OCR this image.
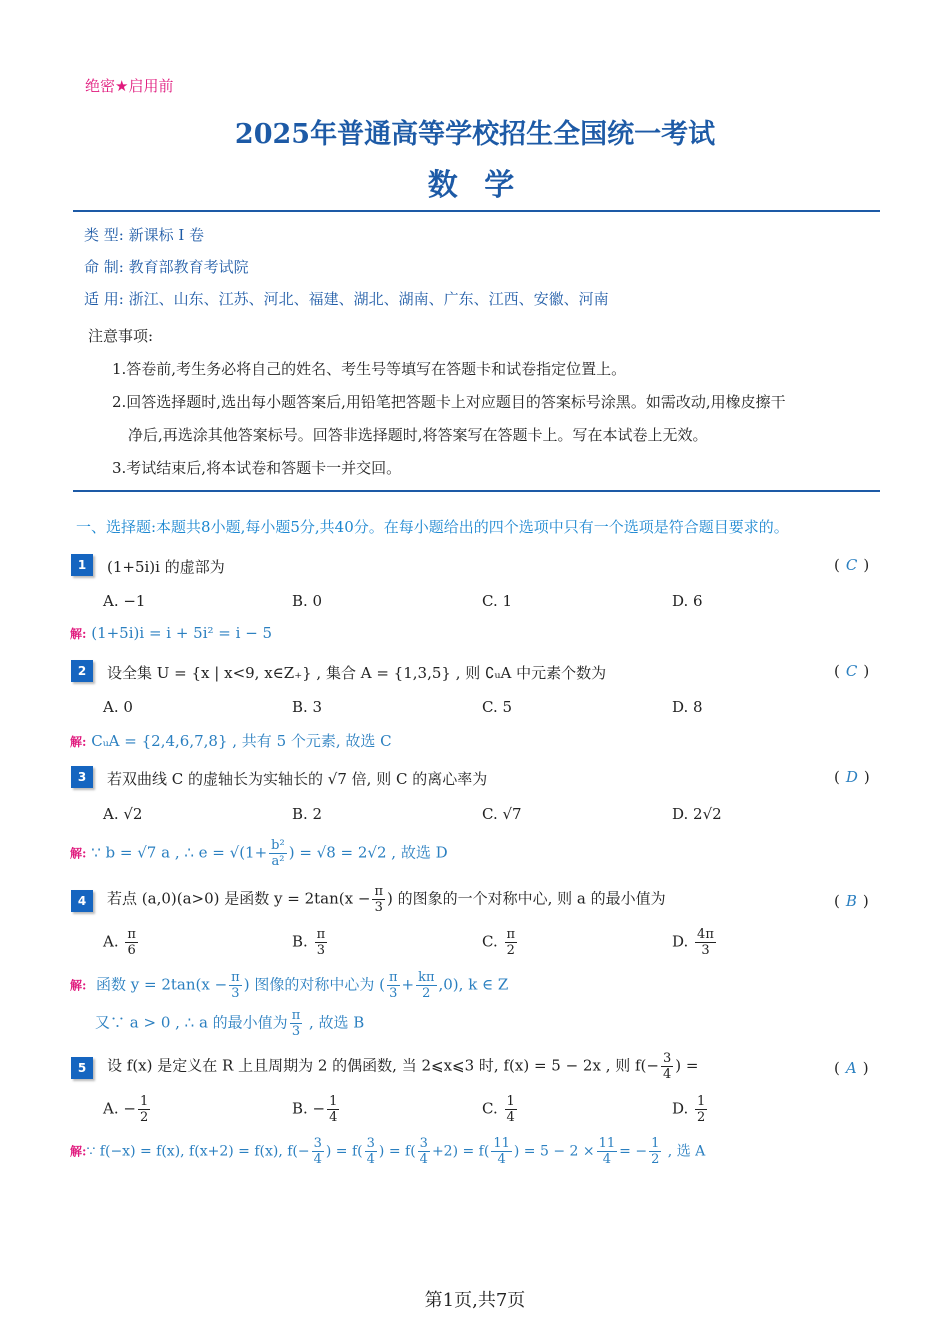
绝密★启用前
2025年普通高等学校招生全国统一考试
数 学
类 型: 新课标 I 卷
命 制: 教育部教育考试院
适 用: 浙江、山东、江苏、河北、福建、湖北、湖南、广东、江西、安徽、河南
注意事项:
1.答卷前,考生务必将自己的姓名、考生号等填写在答题卡和试卷指定位置上。
2.回答选择题时,选出每小题答案后,用铅笔把答题卡上对应题目的答案标号涂黑。如需改动,用橡皮擦干
净后,再选涂其他答案标号。回答非选择题时,将答案写在答题卡上。写在本试卷上无效。
3.考试结束后,将本试卷和答题卡一并交回。
一、选择题:本题共8小题,每小题5分,共40分。在每小题给出的四个选项中只有一个选项是符合题目要求的。
1	(1+5i)i 的虚部为	( C )
A. −1	B. 0	C. 1	D. 6
解: (1+5i)i = i + 5i² = i − 5
2	设全集 U = {x | x<9, x∈Z₊} , 集合 A = {1,3,5} , 则 ∁ᵤA 中元素个数为	( C )
A. 0	B. 3	C. 5	D. 8
解: CᵤA = {2,4,6,7,8} , 共有 5 个元素, 故选 C
3	若双曲线 C 的虚轴长为实轴长的 √7 倍, 则 C 的离心率为	( D )
A. √2	B. 2	C. √7	D. 2√2
解: ∵ b = √7 a , ∴ $e = √(1+ \frac{\text{b²}}{\text{a²}}$ ) = √8 = 2√2 , 故选 D
4	若点 (a,0)(a>0) 是函数 $y = 2\tan(x - \frac{\pi}{3}$ ) 的图象的一个对称中心, 则 a 的最小值为	( B )
A. $\frac{\pi}{6}$	B. $\frac{\pi}{3}$	C. $\frac{\pi}{2}$	D. $\frac{4\pi}{3}$
解: 函数 $y = 2\tan(x - \frac{\pi}{3}$ ) 图像的对称中心为 ( $\frac{\pi}{3} + \frac{k\pi}{2} ,0$), k ∈ Z
又∵ a > 0 , ∴ a 的最小值为 $\frac{\pi}{3}$ , 故选 B
5	设 f(x) 是定义在 R 上且周期为 2 的偶函数, 当 2⩽x⩽3 时, f(x) = 5 − 2x , 则 $f(- \frac{3}{4}$ ) =	( A )
A. − $\frac{1}{2}$	B. − $\frac{1}{4}$	C. $\frac{1}{4}$	D. $\frac{1}{2}$
解:∵ f(−x) = f(x), f(x+2) = f(x), $f(- \frac{3}{4}$ ) = $f( \frac{3}{4}$ ) = $f( \frac{3}{4} +2) = f( \frac{11}{4}$ ) = $5 - 2 \times \frac{11}{4}$ = − $\frac{1}{2}$ , 选 A
第1页,共7页
